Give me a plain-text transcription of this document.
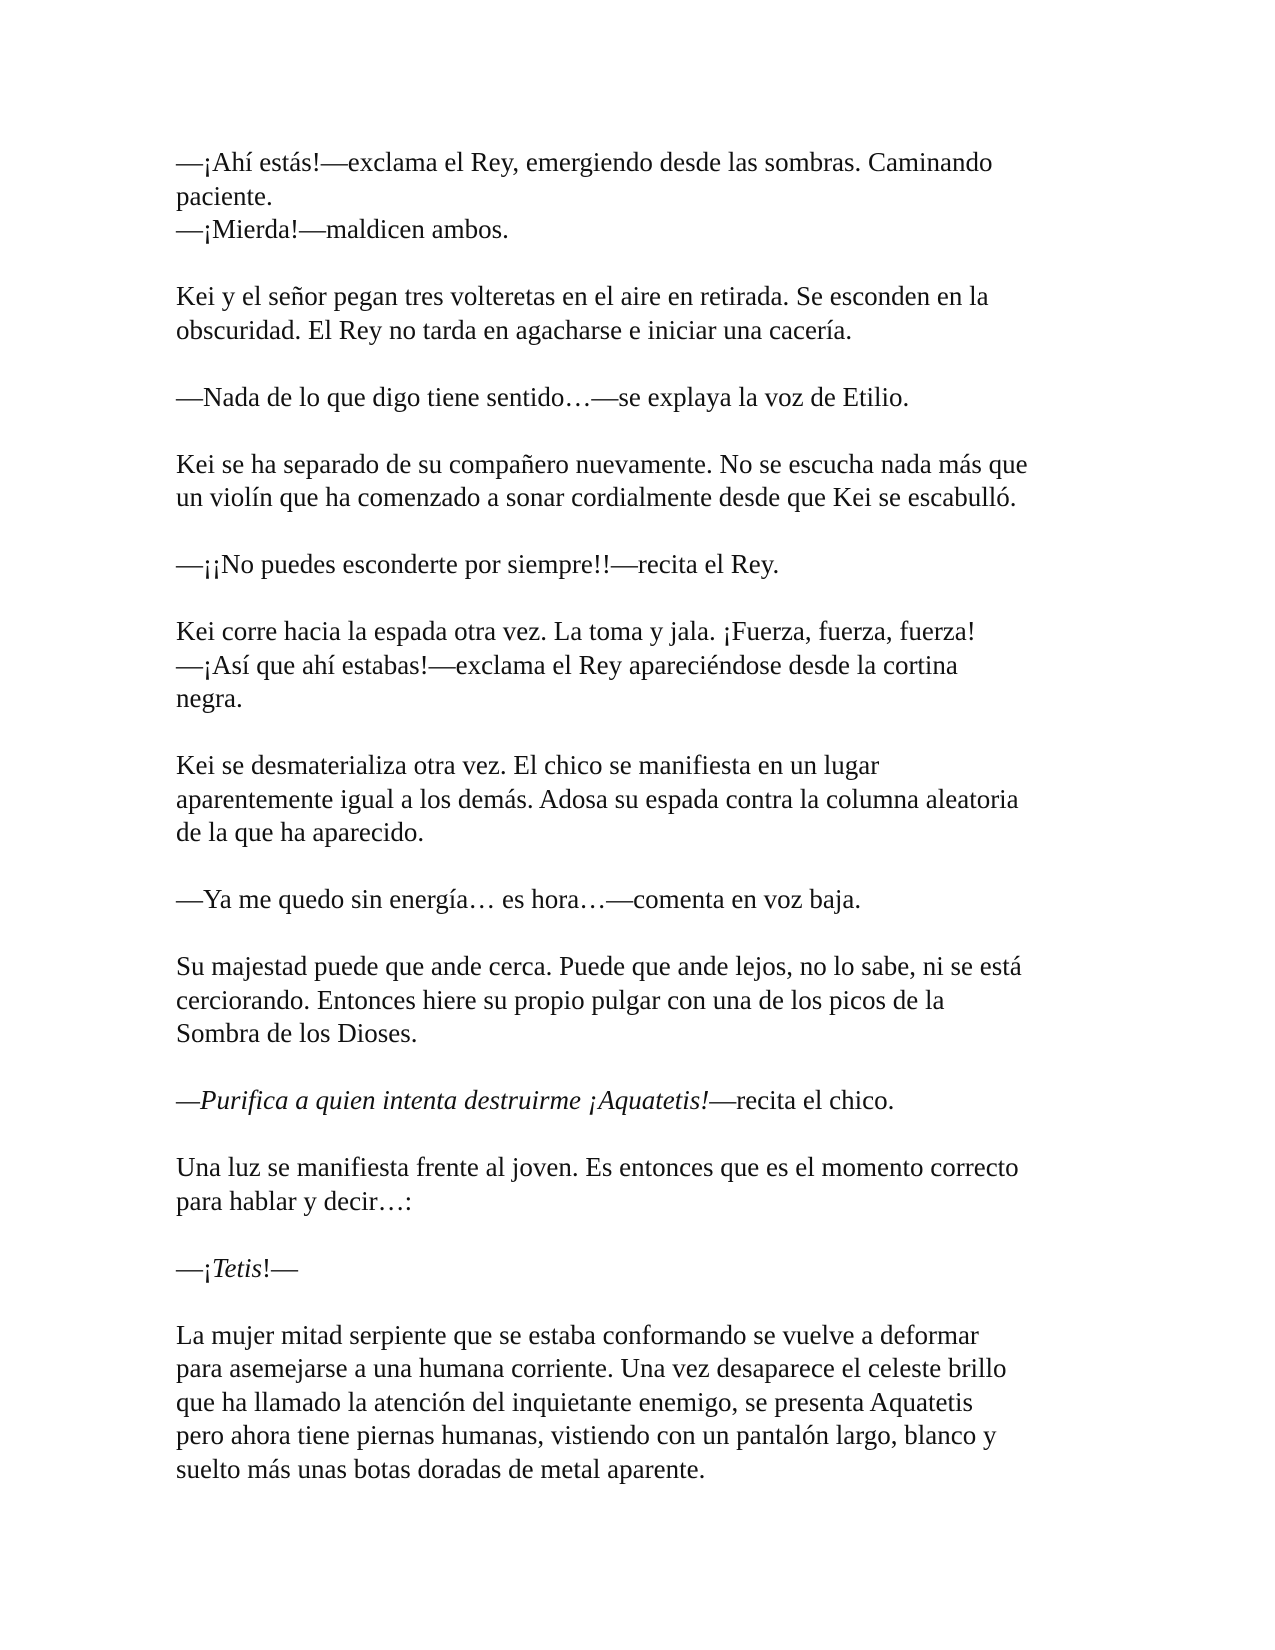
—¡Ahí estás!—exclama el Rey, emergiendo desde las sombras. Caminando
paciente.
—¡Mierda!—maldicen ambos.
Kei y el señor pegan tres volteretas en el aire en retirada. Se esconden en la
obscuridad. El Rey no tarda en agacharse e iniciar una cacería.
—Nada de lo que digo tiene sentido…—se explaya la voz de Etilio.
Kei se ha separado de su compañero nuevamente. No se escucha nada más que
un violín que ha comenzado a sonar cordialmente desde que Kei se escabulló.
—¡¡No puedes esconderte por siempre!!—recita el Rey.
Kei corre hacia la espada otra vez. La toma y jala. ¡Fuerza, fuerza, fuerza!
—¡Así que ahí estabas!—exclama el Rey apareciéndose desde la cortina
negra.
Kei se desmaterializa otra vez. El chico se manifiesta en un lugar
aparentemente igual a los demás. Adosa su espada contra la columna aleatoria
de la que ha aparecido.
—Ya me quedo sin energía… es hora…—comenta en voz baja.
Su majestad puede que ande cerca. Puede que ande lejos, no lo sabe, ni se está
cerciorando. Entonces hiere su propio pulgar con una de los picos de la
Sombra de los Dioses.
—Purifica a quien intenta destruirme ¡Aquatetis!—recita el chico.
Una luz se manifiesta frente al joven. Es entonces que es el momento correcto
para hablar y decir…:
—¡Tetis!—
La mujer mitad serpiente que se estaba conformando se vuelve a deformar
para asemejarse a una humana corriente. Una vez desaparece el celeste brillo
que ha llamado la atención del inquietante enemigo, se presenta Aquatetis
pero ahora tiene piernas humanas, vistiendo con un pantalón largo, blanco y
suelto más unas botas doradas de metal aparente.
